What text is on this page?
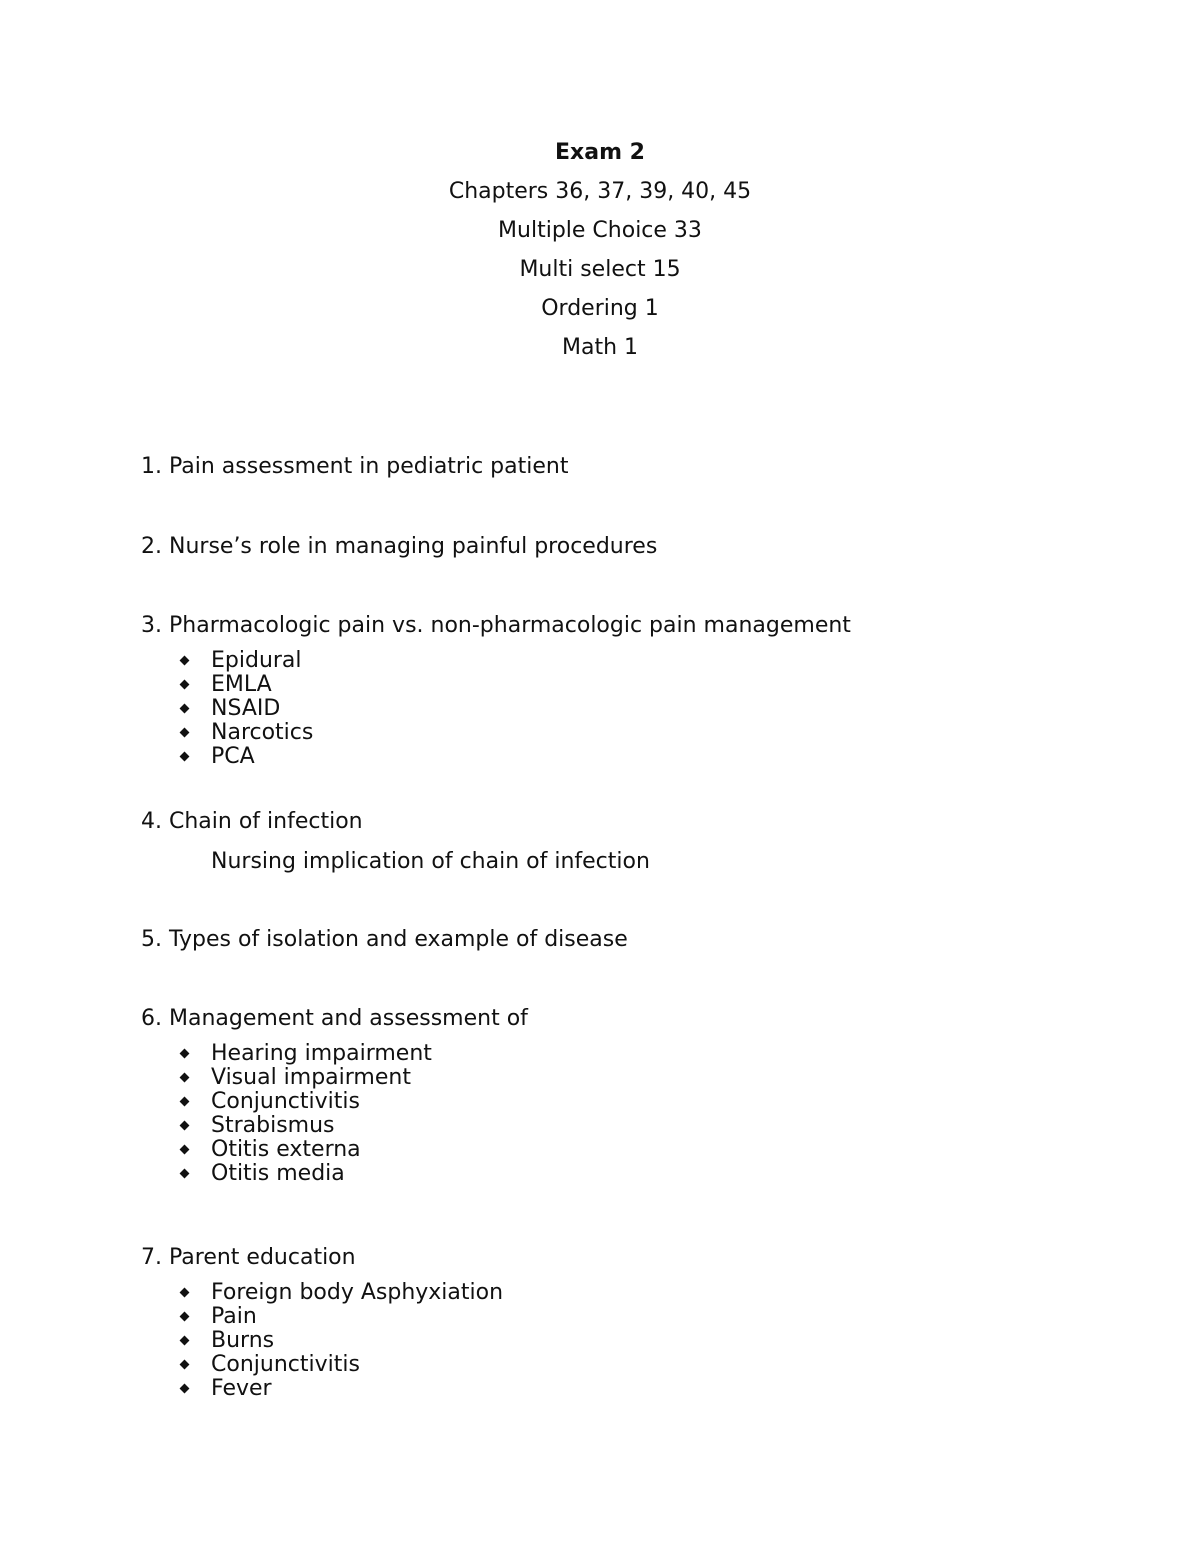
Exam 2
Chapters 36, 37, 39, 40, 45
Multiple Choice 33
Multi select 15
Ordering 1
Math 1
1. Pain assessment in pediatric patient
2. Nurse’s role in managing painful procedures
3. Pharmacologic pain vs. non-pharmacologic pain management
Epidural
EMLA
NSAID
Narcotics
PCA
4. Chain of infection
Nursing implication of chain of infection
5. Types of isolation and example of disease
6. Management and assessment of
Hearing impairment
Visual impairment
Conjunctivitis
Strabismus
Otitis externa
Otitis media
7. Parent education
Foreign body Asphyxiation
Pain
Burns
Conjunctivitis
Fever
